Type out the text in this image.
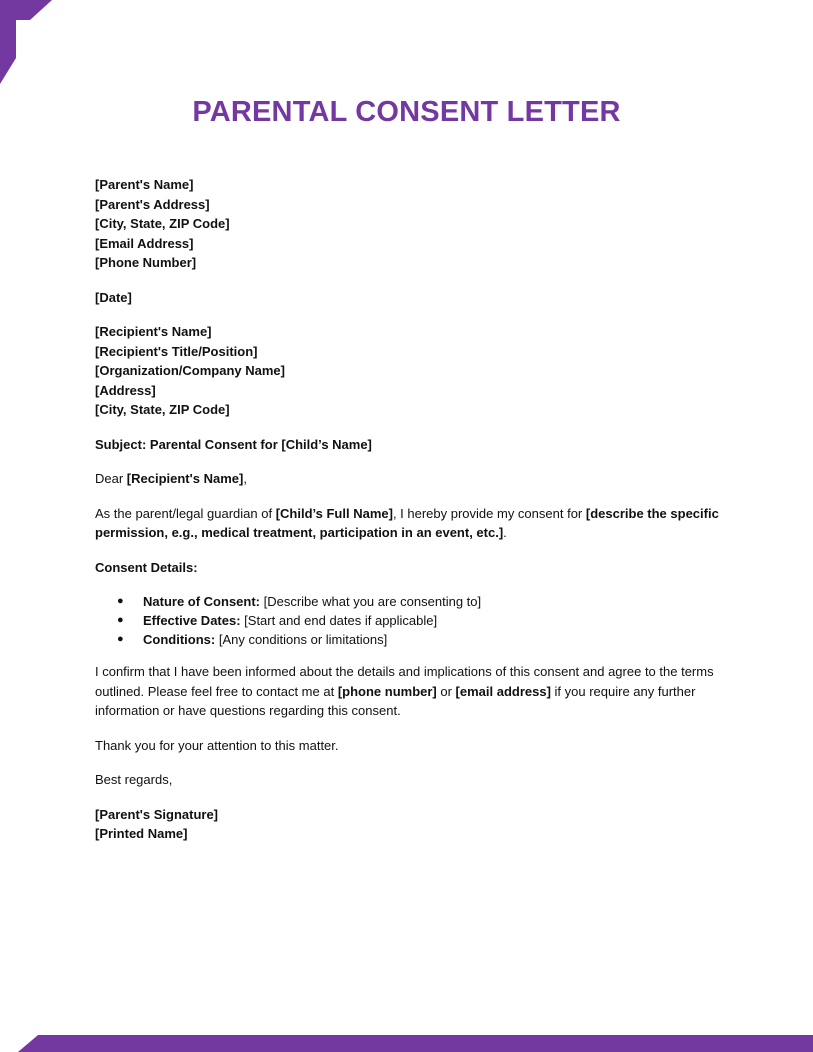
PARENTAL CONSENT LETTER

[Parent's Name]

[Parent's Address]

[City, State, ZIP Code]

[Email Address]

[Phone Number]

[Date]

[Recipient's Name]

[Recipient's Title/Position]

[Organization/Company Name]

[Address]

[City, State, ZIP Code]

Subject: Parental Consent for [Child’s Name]

Dear [Recipient's Name],

As the parent/legal guardian of [Child’s Full Name], I hereby provide my consent for [describe the specific permission, e.g., medical treatment, participation in an event, etc.].

Consent Details:

● Nature of Consent: [Describe what you are consenting to]
● Effective Dates: [Start and end dates if applicable]
● Conditions: [Any conditions or limitations]

I confirm that I have been informed about the details and implications of this consent and agree to the terms outlined. Please feel free to contact me at [phone number] or [email address] if you require any further information or have questions regarding this consent.

Thank you for your attention to this matter.

Best regards,

[Parent's Signature]

[Printed Name]
